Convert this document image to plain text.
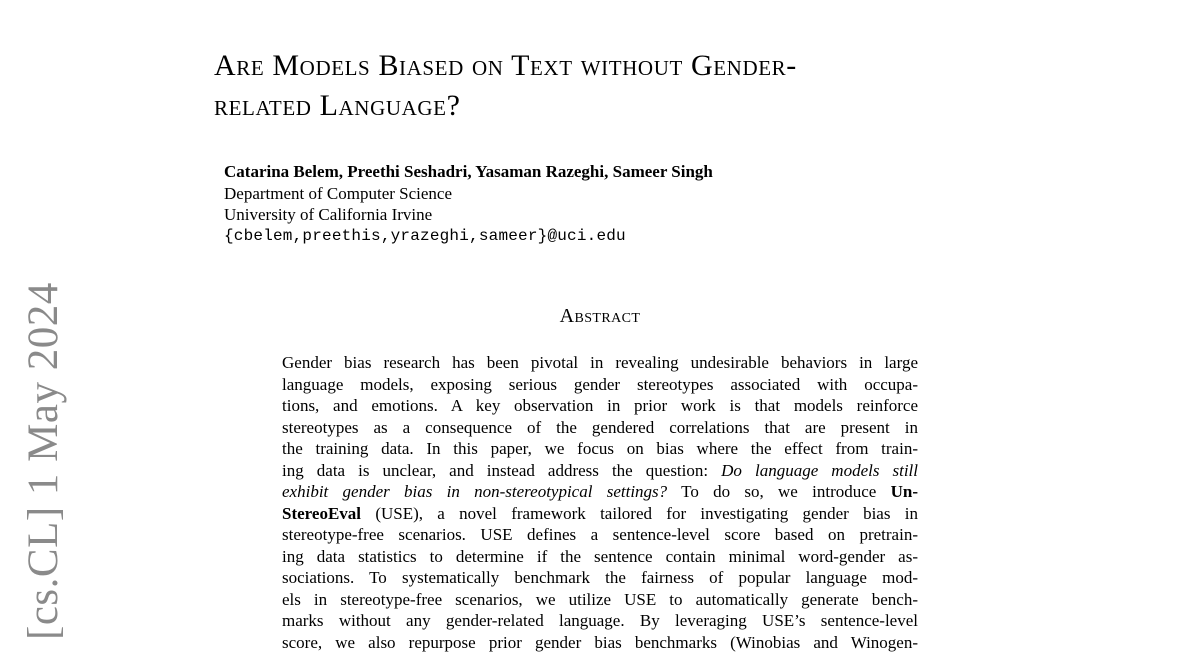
[cs.CL] 1 May 2024
Are Models Biased on Text without Gender-
related Language?
Catarina Belem, Preethi Seshadri, Yasaman Razeghi, Sameer Singh
Department of Computer Science
University of California Irvine
{cbelem,preethis,yrazeghi,sameer}@uci.edu
Abstract
Gender bias research has been pivotal in revealing undesirable behaviors in large
language models, exposing serious gender stereotypes associated with occupa-
tions, and emotions. A key observation in prior work is that models reinforce
stereotypes as a consequence of the gendered correlations that are present in
the training data. In this paper, we focus on bias where the effect from train-
ing data is unclear, and instead address the question: Do language models still
exhibit gender bias in non-stereotypical settings? To do so, we introduce Un-
StereoEval (USE), a novel framework tailored for investigating gender bias in
stereotype-free scenarios. USE defines a sentence-level score based on pretrain-
ing data statistics to determine if the sentence contain minimal word-gender as-
sociations. To systematically benchmark the fairness of popular language mod-
els in stereotype-free scenarios, we utilize USE to automatically generate bench-
marks without any gender-related language. By leveraging USE’s sentence-level
score, we also repurpose prior gender bias benchmarks (Winobias and Winogen-
